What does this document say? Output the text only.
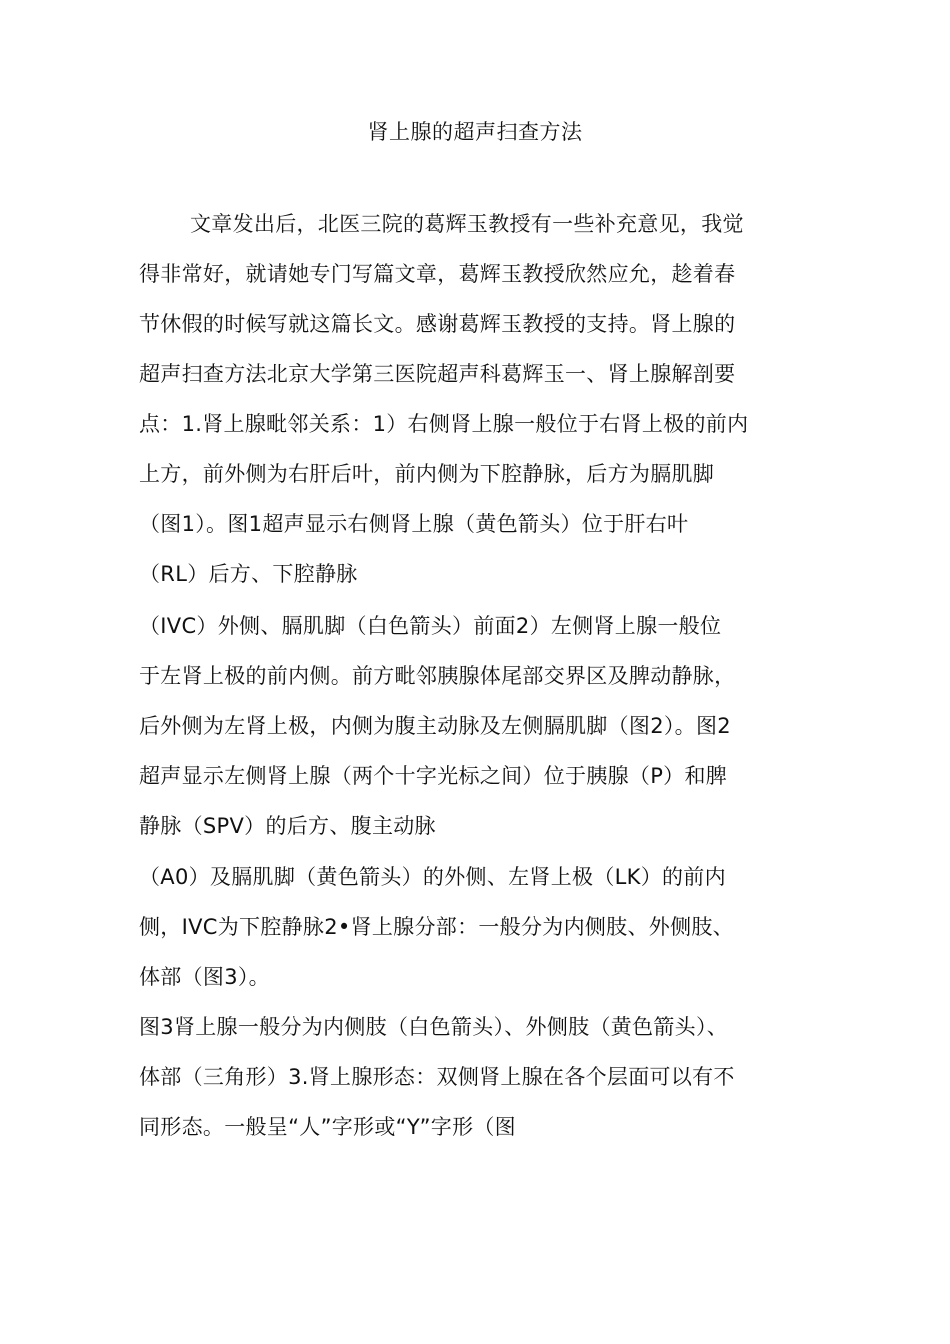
肾上腺的超声扫查方法
文章发出后，北医三院的葛辉玉教授有一些补充意见，我觉
得非常好，就请她专门写篇文章，葛辉玉教授欣然应允，趁着春
节休假的时候写就这篇长文。感谢葛辉玉教授的支持。肾上腺的
超声扫查方法北京大学第三医院超声科葛辉玉一、肾上腺解剖要
点：1.肾上腺毗邻关系：1）右侧肾上腺一般位于右肾上极的前内
上方，前外侧为右肝后叶，前内侧为下腔静脉，后方为膈肌脚
（图1）。图1超声显示右侧肾上腺（黄色箭头）位于肝右叶
（RL）后方、下腔静脉
（IVC）外侧、膈肌脚（白色箭头）前面2）左侧肾上腺一般位
于左肾上极的前内侧。前方毗邻胰腺体尾部交界区及脾动静脉，
后外侧为左肾上极，内侧为腹主动脉及左侧膈肌脚（图2）。图2
超声显示左侧肾上腺（两个十字光标之间）位于胰腺（P）和脾
静脉（SPV）的后方、腹主动脉
（A0）及膈肌脚（黄色箭头）的外侧、左肾上极（LK）的前内
侧，IVC为下腔静脉2•肾上腺分部：一般分为内侧肢、外侧肢、
体部（图3）。
图3肾上腺一般分为内侧肢（白色箭头）、外侧肢（黄色箭头）、
体部（三角形）3.肾上腺形态：双侧肾上腺在各个层面可以有不
同形态。一般呈“人”字形或“Y”字形（图
